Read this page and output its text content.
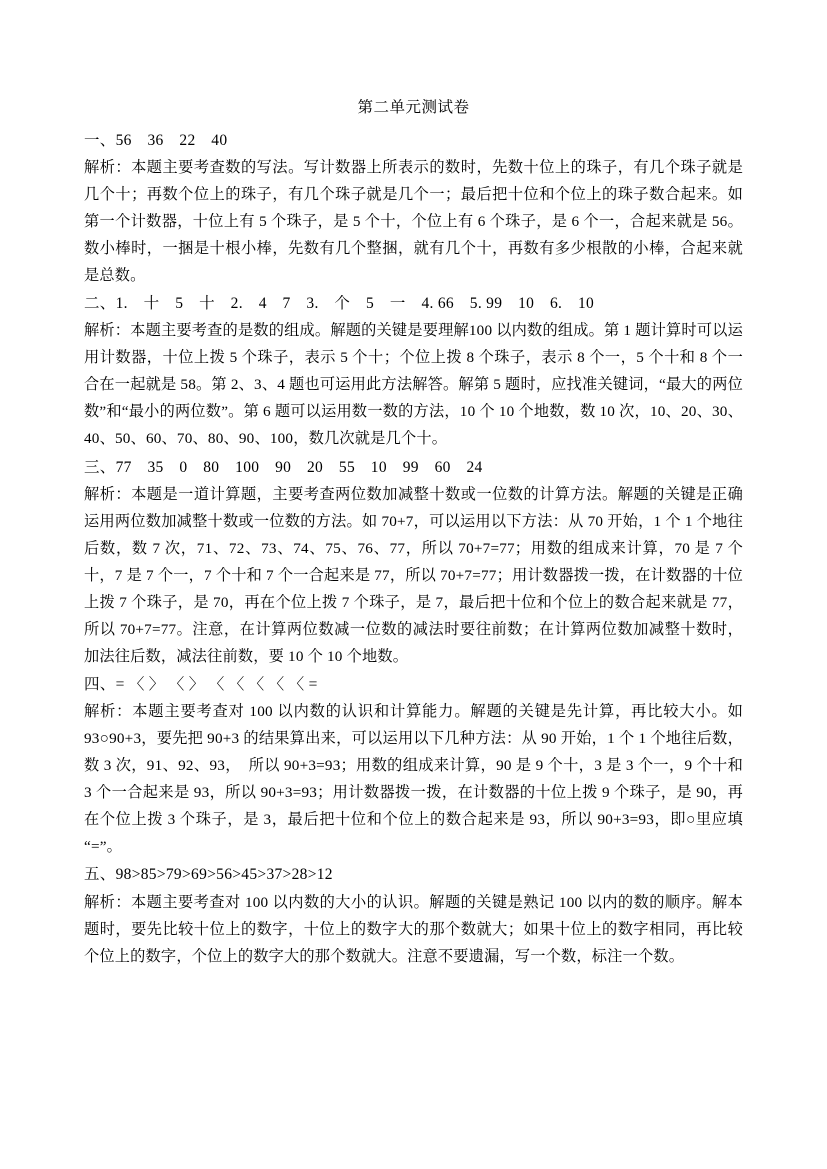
第二单元测试卷

一、56　36　22　40

解析：本题主要考查数的写法。写计数器上所表示的数时，先数十位上的珠子，有几个珠子就是几个十；再数个位上的珠子，有几个珠子就是几个一；最后把十位和个位上的珠子数合起来。如第一个计数器，十位上有 5 个珠子，是 5 个十，个位上有 6 个珠子，是 6 个一，合起来就是 56。数小棒时，一捆是十根小棒，先数有几个整捆，就有几个十，再数有多少根散的小棒，合起来就是总数。

二、1.　十　5　十　2.　4　7　3.　个　5　一　4. 66　5. 99　10　6.　10

解析：本题主要考查的是数的组成。解题的关键是要理解100 以内数的组成。第 1 题计算时可以运用计数器，十位上拨 5 个珠子，表示 5 个十；个位上拨 8 个珠子，表示 8 个一，5 个十和 8 个一合在一起就是 58。第 2、3、4 题也可运用此方法解答。解第 5 题时，应找准关键词，“最大的两位数”和“最小的两位数”。第 6 题可以运用数一数的方法，10 个 10 个地数，数 10 次，10、20、30、40、50、60、70、80、90、100，数几次就是几个十。

三、77　35　0　80　100　90　20　55　10　99　60　24

解析：本题是一道计算题，主要考查两位数加减整十数或一位数的计算方法。解题的关键是正确运用两位数加减整十数或一位数的方法。如 70+7，可以运用以下方法：从 70 开始，1 个 1 个地往后数，数 7 次，71、72、73、74、75、76、77，所以 70+7=77；用数的组成来计算，70 是 7 个十，7 是 7 个一，7 个十和 7 个一合起来是 77，所以 70+7=77；用计数器拨一拨，在计数器的十位上拨 7 个珠子，是 70，再在个位上拨 7 个珠子，是 7，最后把十位和个位上的数合起来就是 77，所以 70+7=77。注意，在计算两位数减一位数的减法时要往前数；在计算两位数加减整十数时，加法往后数，减法往前数，要 10 个 10 个地数。

四、= 〈 〉 〈 〉 〈 〈 〈 〈 〈 =

解析：本题主要考查对 100 以内数的认识和计算能力。解题的关键是先计算，再比较大小。如 93○90+3，要先把 90+3 的结果算出来，可以运用以下几种方法：从 90 开始，1 个 1 个地往后数，数 3 次，91、92、93，　所以 90+3=93；用数的组成来计算，90 是 9 个十，3 是 3 个一，9 个十和 3 个一合起来是 93，所以 90+3=93；用计数器拨一拨，在计数器的十位上拨 9 个珠子，是 90，再在个位上拨 3 个珠子，是 3，最后把十位和个位上的数合起来是 93，所以 90+3=93，即○里应填 “=”。

五、98>85>79>69>56>45>37>28>12

解析：本题主要考查对 100 以内数的大小的认识。解题的关键是熟记 100 以内的数的顺序。解本题时，要先比较十位上的数字，十位上的数字大的那个数就大；如果十位上的数字相同，再比较个位上的数字，个位上的数字大的那个数就大。注意不要遗漏，写一个数，标注一个数。
